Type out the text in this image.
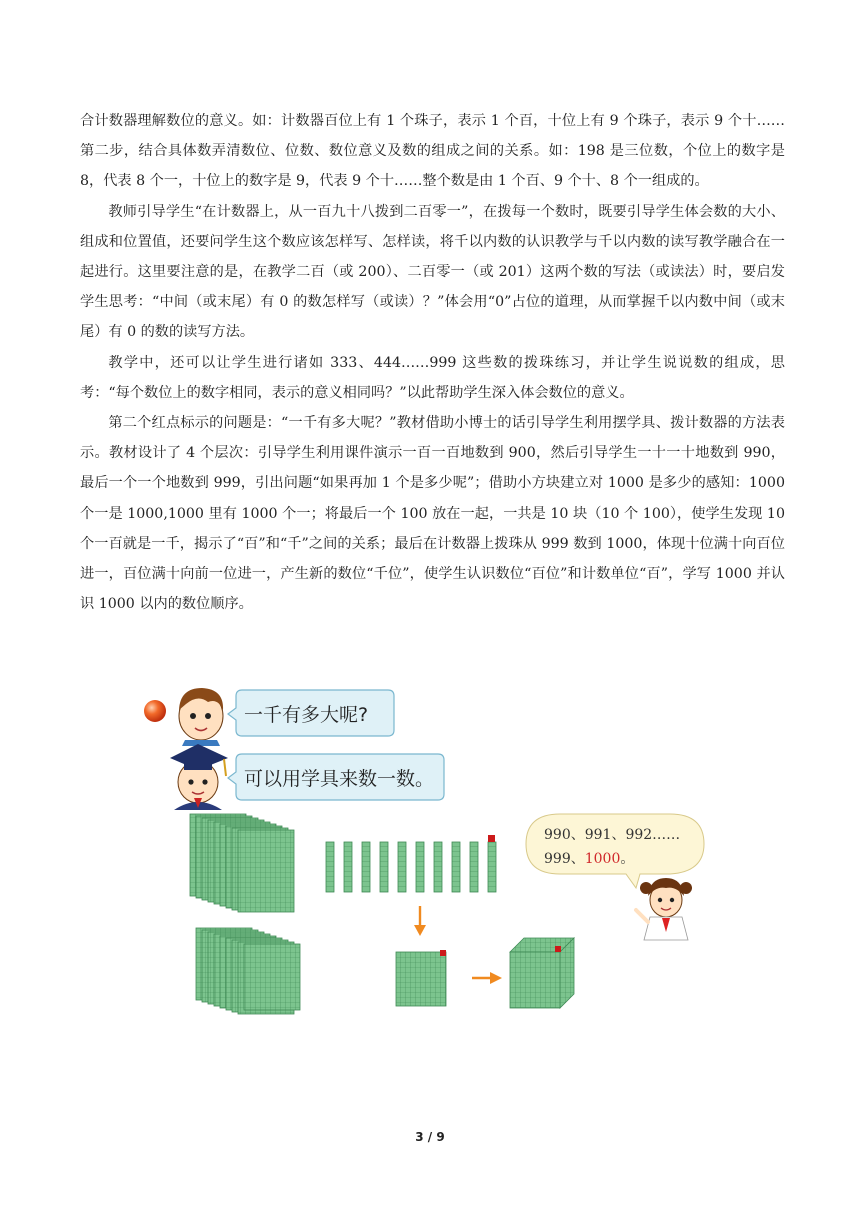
合计数器理解数位的意义。如：计数器百位上有 1 个珠子，表示 1 个百，十位上有 9 个珠子，表示 9 个十……第二步，结合具体数弄清数位、位数、数位意义及数的组成之间的关系。如：198 是三位数，个位上的数字是 8，代表 8 个一，十位上的数字是 9，代表 9 个十……整个数是由 1 个百、9 个十、8 个一组成的。

教师引导学生“在计数器上，从一百九十八拨到二百零一”，在拨每一个数时，既要引导学生体会数的大小、组成和位置值，还要问学生这个数应该怎样写、怎样读，将千以内数的认识教学与千以内数的读写教学融合在一起进行。这里要注意的是，在教学二百（或 200）、二百零一（或 201）这两个数的写法（或读法）时，要启发学生思考：“中间（或末尾）有 0 的数怎样写（或读）？”体会用“0”占位的道理，从而掌握千以内数中间（或末尾）有 0 的数的读写方法。

教学中，还可以让学生进行诸如 333、444……999 这些数的拨珠练习，并让学生说说数的组成，思考：“每个数位上的数字相同，表示的意义相同吗？”以此帮助学生深入体会数位的意义。

第二个红点标示的问题是：“一千有多大呢？”教材借助小博士的话引导学生利用摆学具、拨计数器的方法表示。教材设计了 4 个层次：引导学生利用课件演示一百一百地数到 900，然后引导学生一十一十地数到 990，最后一个一个地数到 999，引出问题“如果再加 1 个是多少呢”；借助小方块建立对 1000 是多少的感知：1000 个一是 1000,1000 里有 1000 个一；将最后一个 100 放在一起，一共是 10 块（10 个 100），使学生发现 10 个一百就是一千，揭示了“百”和“千”之间的关系；最后在计数器上拨珠从 999 数到 1000，体现十位满十向百位进一，百位满十向前一位进一，产生新的数位“千位”，使学生认识数位“百位”和计数单位“百”，学写 1000 并认识 1000 以内的数位顺序。

一千有多大呢?
可以用学具来数一数。
990、991、992……
999、1000。
3 / 9
